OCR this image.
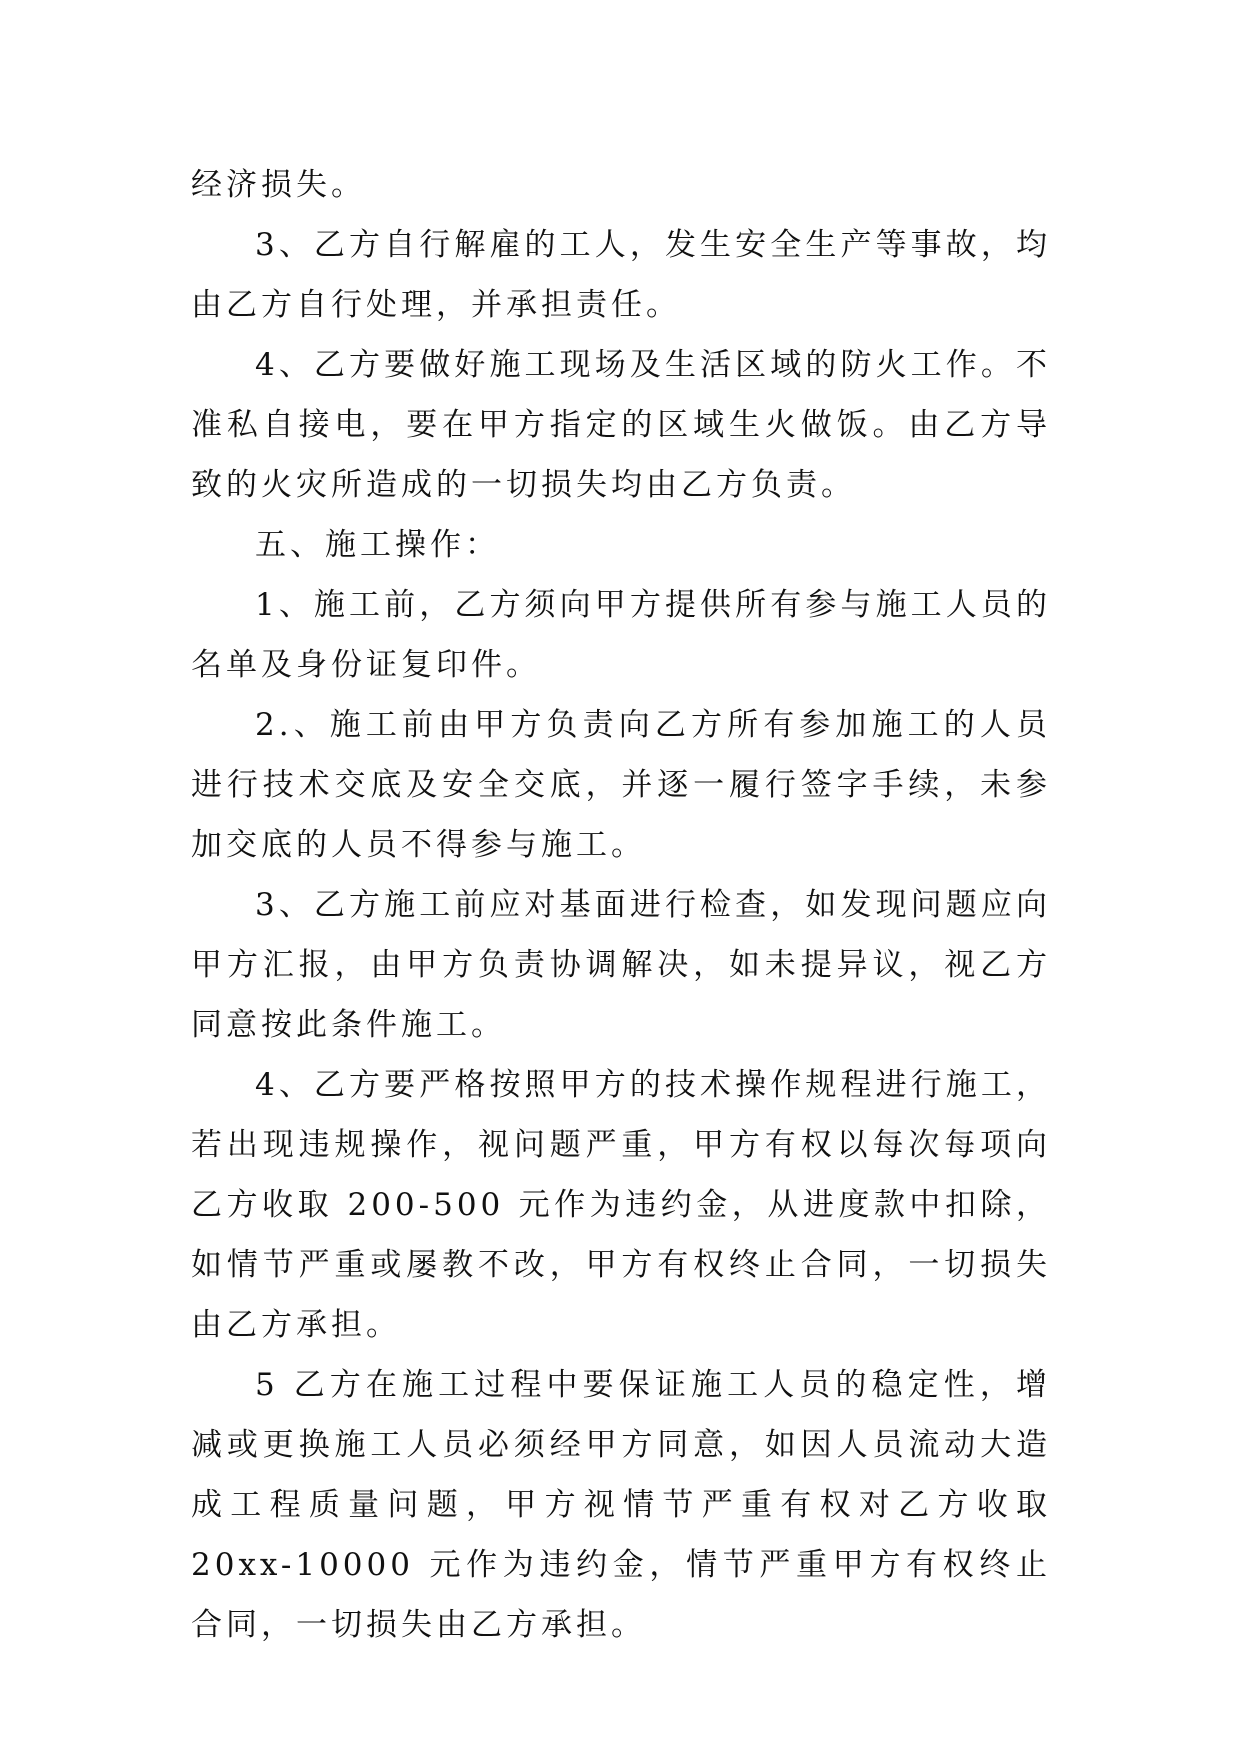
经济损失。

3、乙方自行解雇的工人，发生安全生产等事故，均由乙方自行处理，并承担责任。

4、乙方要做好施工现场及生活区域的防火工作。不准私自接电，要在甲方指定的区域生火做饭。由乙方导致的火灾所造成的一切损失均由乙方负责。

五、施工操作：

1、施工前，乙方须向甲方提供所有参与施工人员的名单及身份证复印件。

2.、施工前由甲方负责向乙方所有参加施工的人员进行技术交底及安全交底，并逐一履行签字手续，未参加交底的人员不得参与施工。

3、乙方施工前应对基面进行检查，如发现问题应向甲方汇报，由甲方负责协调解决，如未提异议，视乙方同意按此条件施工。

4、乙方要严格按照甲方的技术操作规程进行施工，若出现违规操作，视问题严重，甲方有权以每次每项向乙方收取 200-500 元作为违约金，从进度款中扣除，如情节严重或屡教不改，甲方有权终止合同，一切损失由乙方承担。

5 乙方在施工过程中要保证施工人员的稳定性，增减或更换施工人员必须经甲方同意，如因人员流动大造成工程质量问题，甲方视情节严重有权对乙方收取 20xx-10000 元作为违约金，情节严重甲方有权终止合同，一切损失由乙方承担。
